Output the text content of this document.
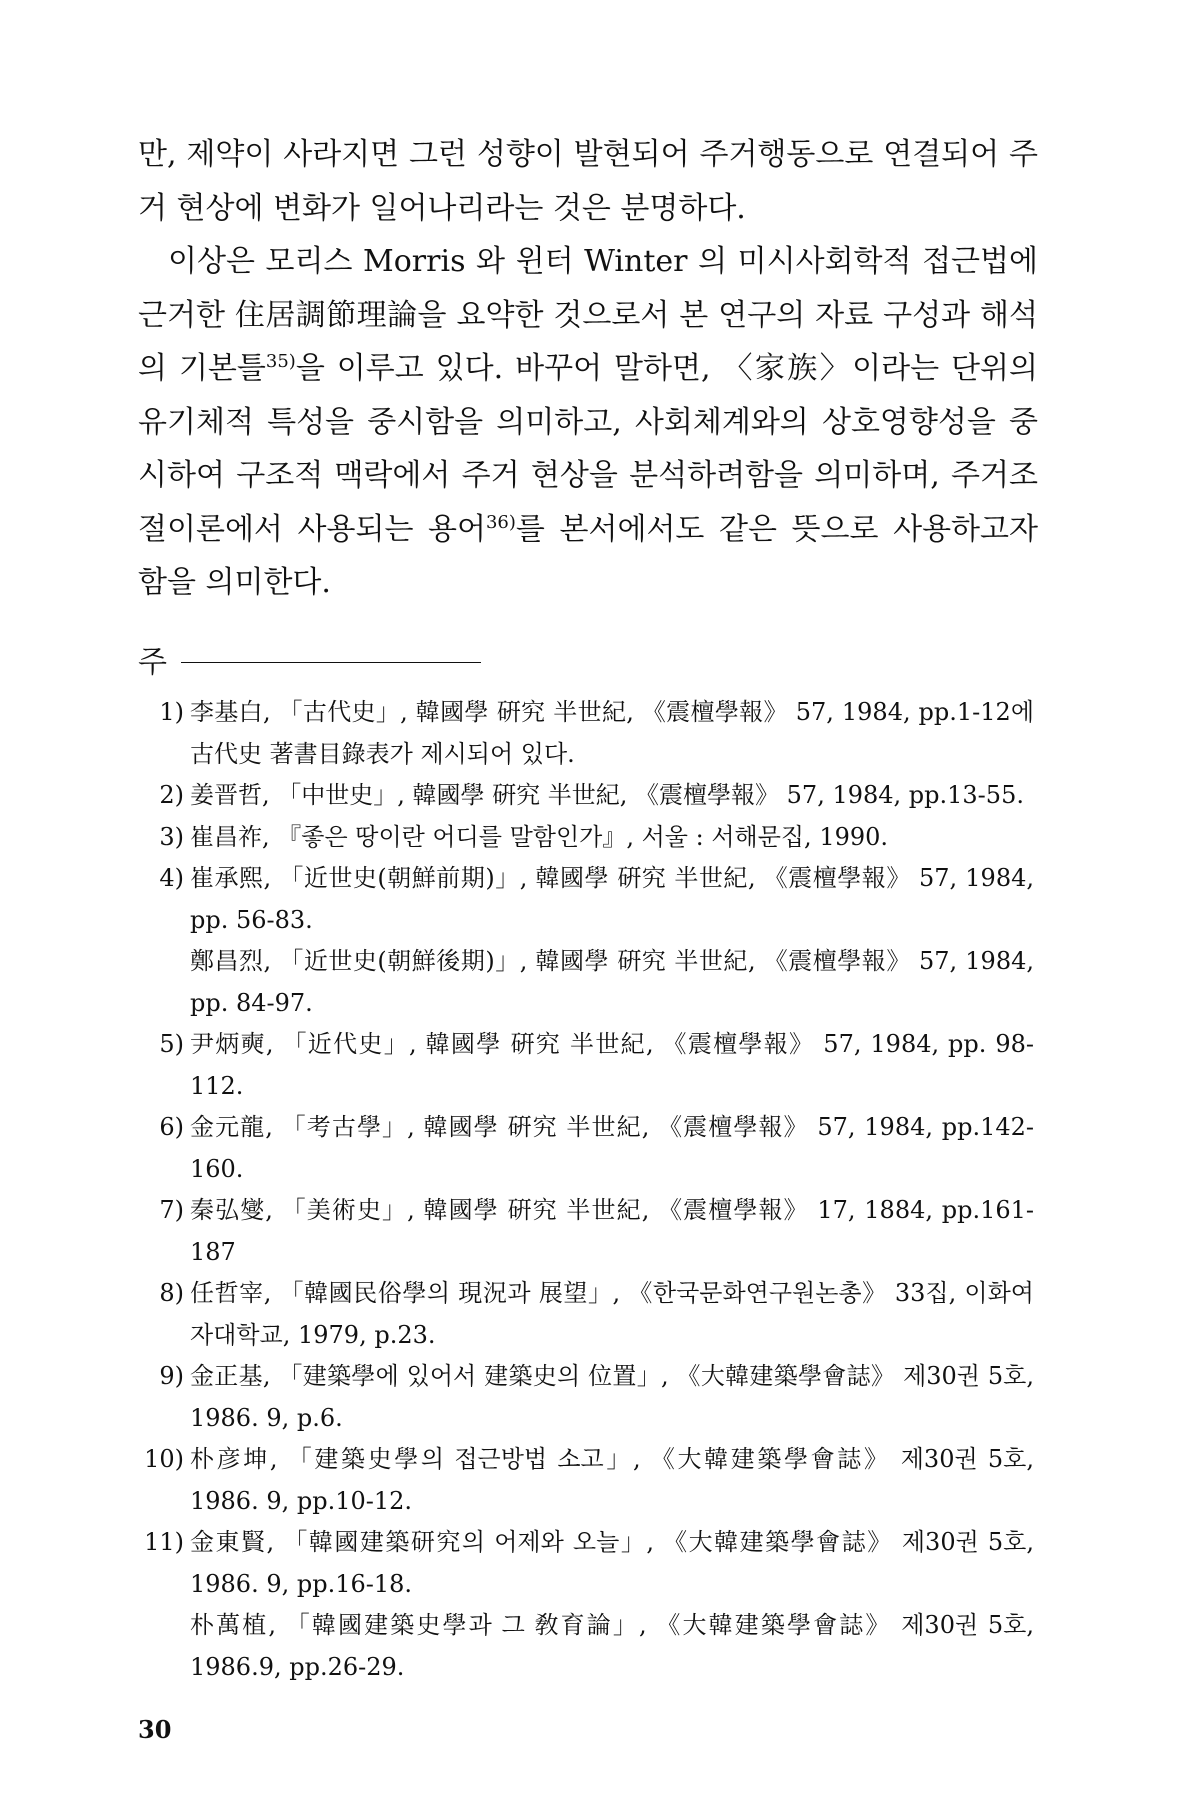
만, 제약이 사라지면 그런 성향이 발현되어 주거행동으로 연결되어 주거 현상에 변화가 일어나리라는 것은 분명하다.

이상은 모리스 Morris 와 윈터 Winter 의 미시사회학적 접근법에 근거한 住居調節理論을 요약한 것으로서 본 연구의 자료 구성과 해석의 기본틀$^{35)}$을 이루고 있다. 바꾸어 말하면, 〈家族〉이라는 단위의 유기체적 특성을 중시함을 의미하고, 사회체계와의 상호영향성을 중시하여 구조적 맥락에서 주거 현상을 분석하려함을 의미하며, 주거조절이론에서 사용되는 용어$^{36)}$를 본서에서도 같은 뜻으로 사용하고자 함을 의미한다.

주
1) 李基白, 「古代史」, 韓國學 硏究 半世紀, 《震檀學報》 57, 1984, pp.1-12에 古代史 著書目錄表가 제시되어 있다.
2) 姜晋哲, 「中世史」, 韓國學 硏究 半世紀, 《震檀學報》 57, 1984, pp.13-55.
3) 崔昌祚, 『좋은 땅이란 어디를 말함인가』, 서울 : 서해문집, 1990.
4) 崔承熙, 「近世史(朝鮮前期)」, 韓國學 硏究 半世紀, 《震檀學報》 57, 1984, pp. 56-83.
鄭昌烈, 「近世史(朝鮮後期)」, 韓國學 硏究 半世紀, 《震檀學報》 57, 1984, pp. 84-97.
5) 尹炳奭, 「近代史」, 韓國學 硏究 半世紀, 《震檀學報》 57, 1984, pp. 98-112.
6) 金元龍, 「考古學」, 韓國學 硏究 半世紀, 《震檀學報》 57, 1984, pp.142-160.
7) 秦弘燮, 「美術史」, 韓國學 硏究 半世紀, 《震檀學報》 17, 1884, pp.161-187
8) 任哲宰, 「韓國民俗學의 現況과 展望」, 《한국문화연구원논총》 33집, 이화여자대학교, 1979, p.23.
9) 金正基, 「建築學에 있어서 建築史의 位置」, 《大韓建築學會誌》 제30권 5호, 1986. 9, p.6.
10) 朴彦坤, 「建築史學의 접근방법 소고」, 《大韓建築學會誌》 제30권 5호, 1986. 9, pp.10-12.
11) 金東賢, 「韓國建築研究의 어제와 오늘」, 《大韓建築學會誌》 제30권 5호, 1986. 9, pp.16-18.
朴萬植, 「韓國建築史學과 그 敎育論」, 《大韓建築學會誌》 제30권 5호, 1986.9, pp.26-29.
30
